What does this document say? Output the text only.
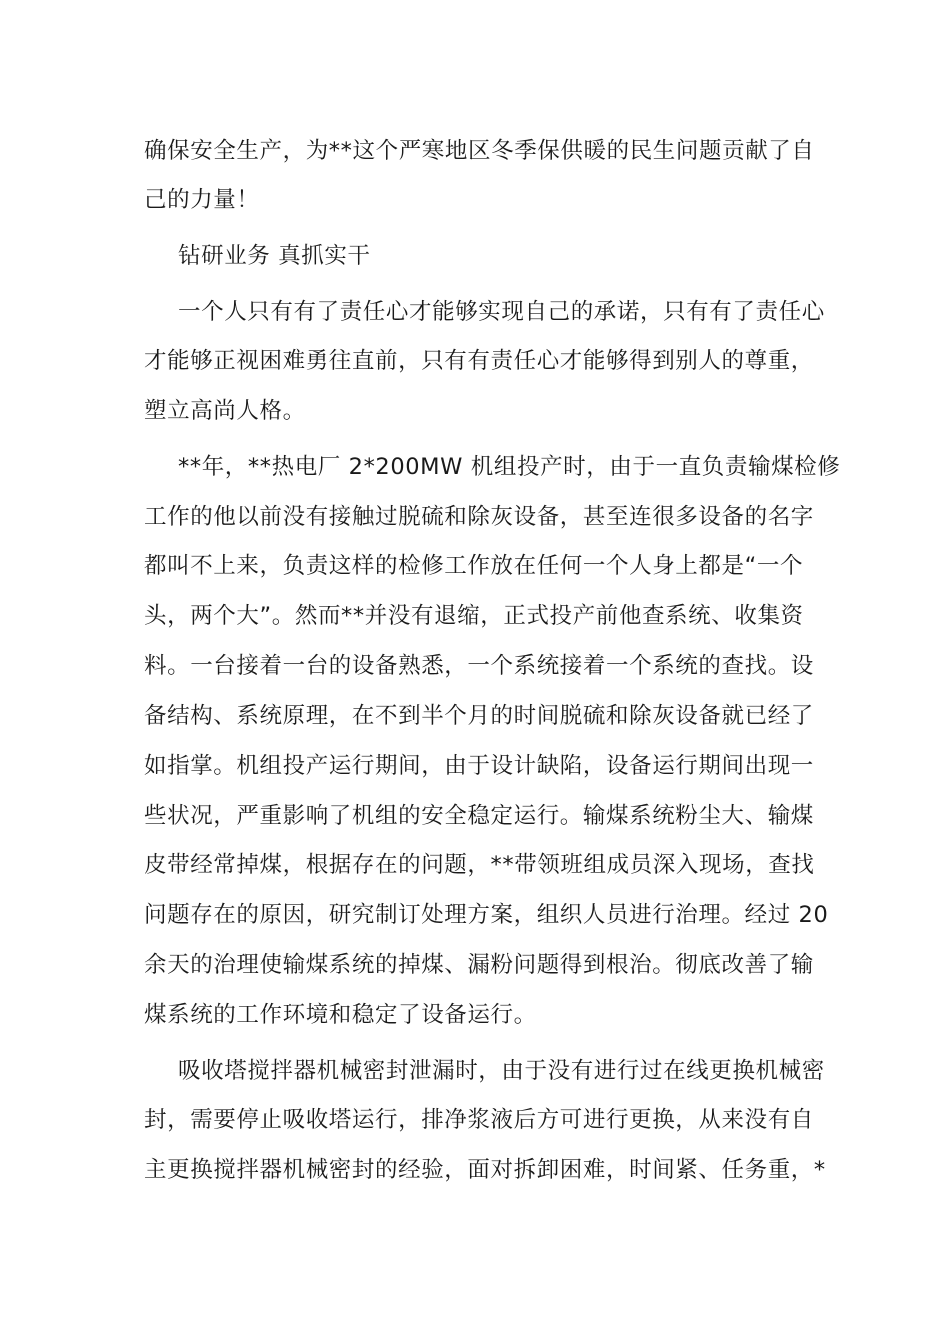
确保安全生产，为**这个严寒地区冬季保供暖的民生问题贡献了自
己的力量！
钻研业务 真抓实干
一个人只有有了责任心才能够实现自己的承诺，只有有了责任心
才能够正视困难勇往直前，只有有责任心才能够得到别人的尊重，
塑立高尚人格。
**年，**热电厂 2*200MW 机组投产时，由于一直负责输煤检修
工作的他以前没有接触过脱硫和除灰设备，甚至连很多设备的名字
都叫不上来，负责这样的检修工作放在任何一个人身上都是“一个
头，两个大”。然而**并没有退缩，正式投产前他查系统、收集资
料。一台接着一台的设备熟悉，一个系统接着一个系统的查找。设
备结构、系统原理，在不到半个月的时间脱硫和除灰设备就已经了
如指掌。机组投产运行期间，由于设计缺陷，设备运行期间出现一
些状况，严重影响了机组的安全稳定运行。输煤系统粉尘大、输煤
皮带经常掉煤，根据存在的问题，**带领班组成员深入现场，查找
问题存在的原因，研究制订处理方案，组织人员进行治理。经过 20
余天的治理使输煤系统的掉煤、漏粉问题得到根治。彻底改善了输
煤系统的工作环境和稳定了设备运行。
吸收塔搅拌器机械密封泄漏时，由于没有进行过在线更换机械密
封，需要停止吸收塔运行，排净浆液后方可进行更换，从来没有自
主更换搅拌器机械密封的经验，面对拆卸困难，时间紧、任务重，*
